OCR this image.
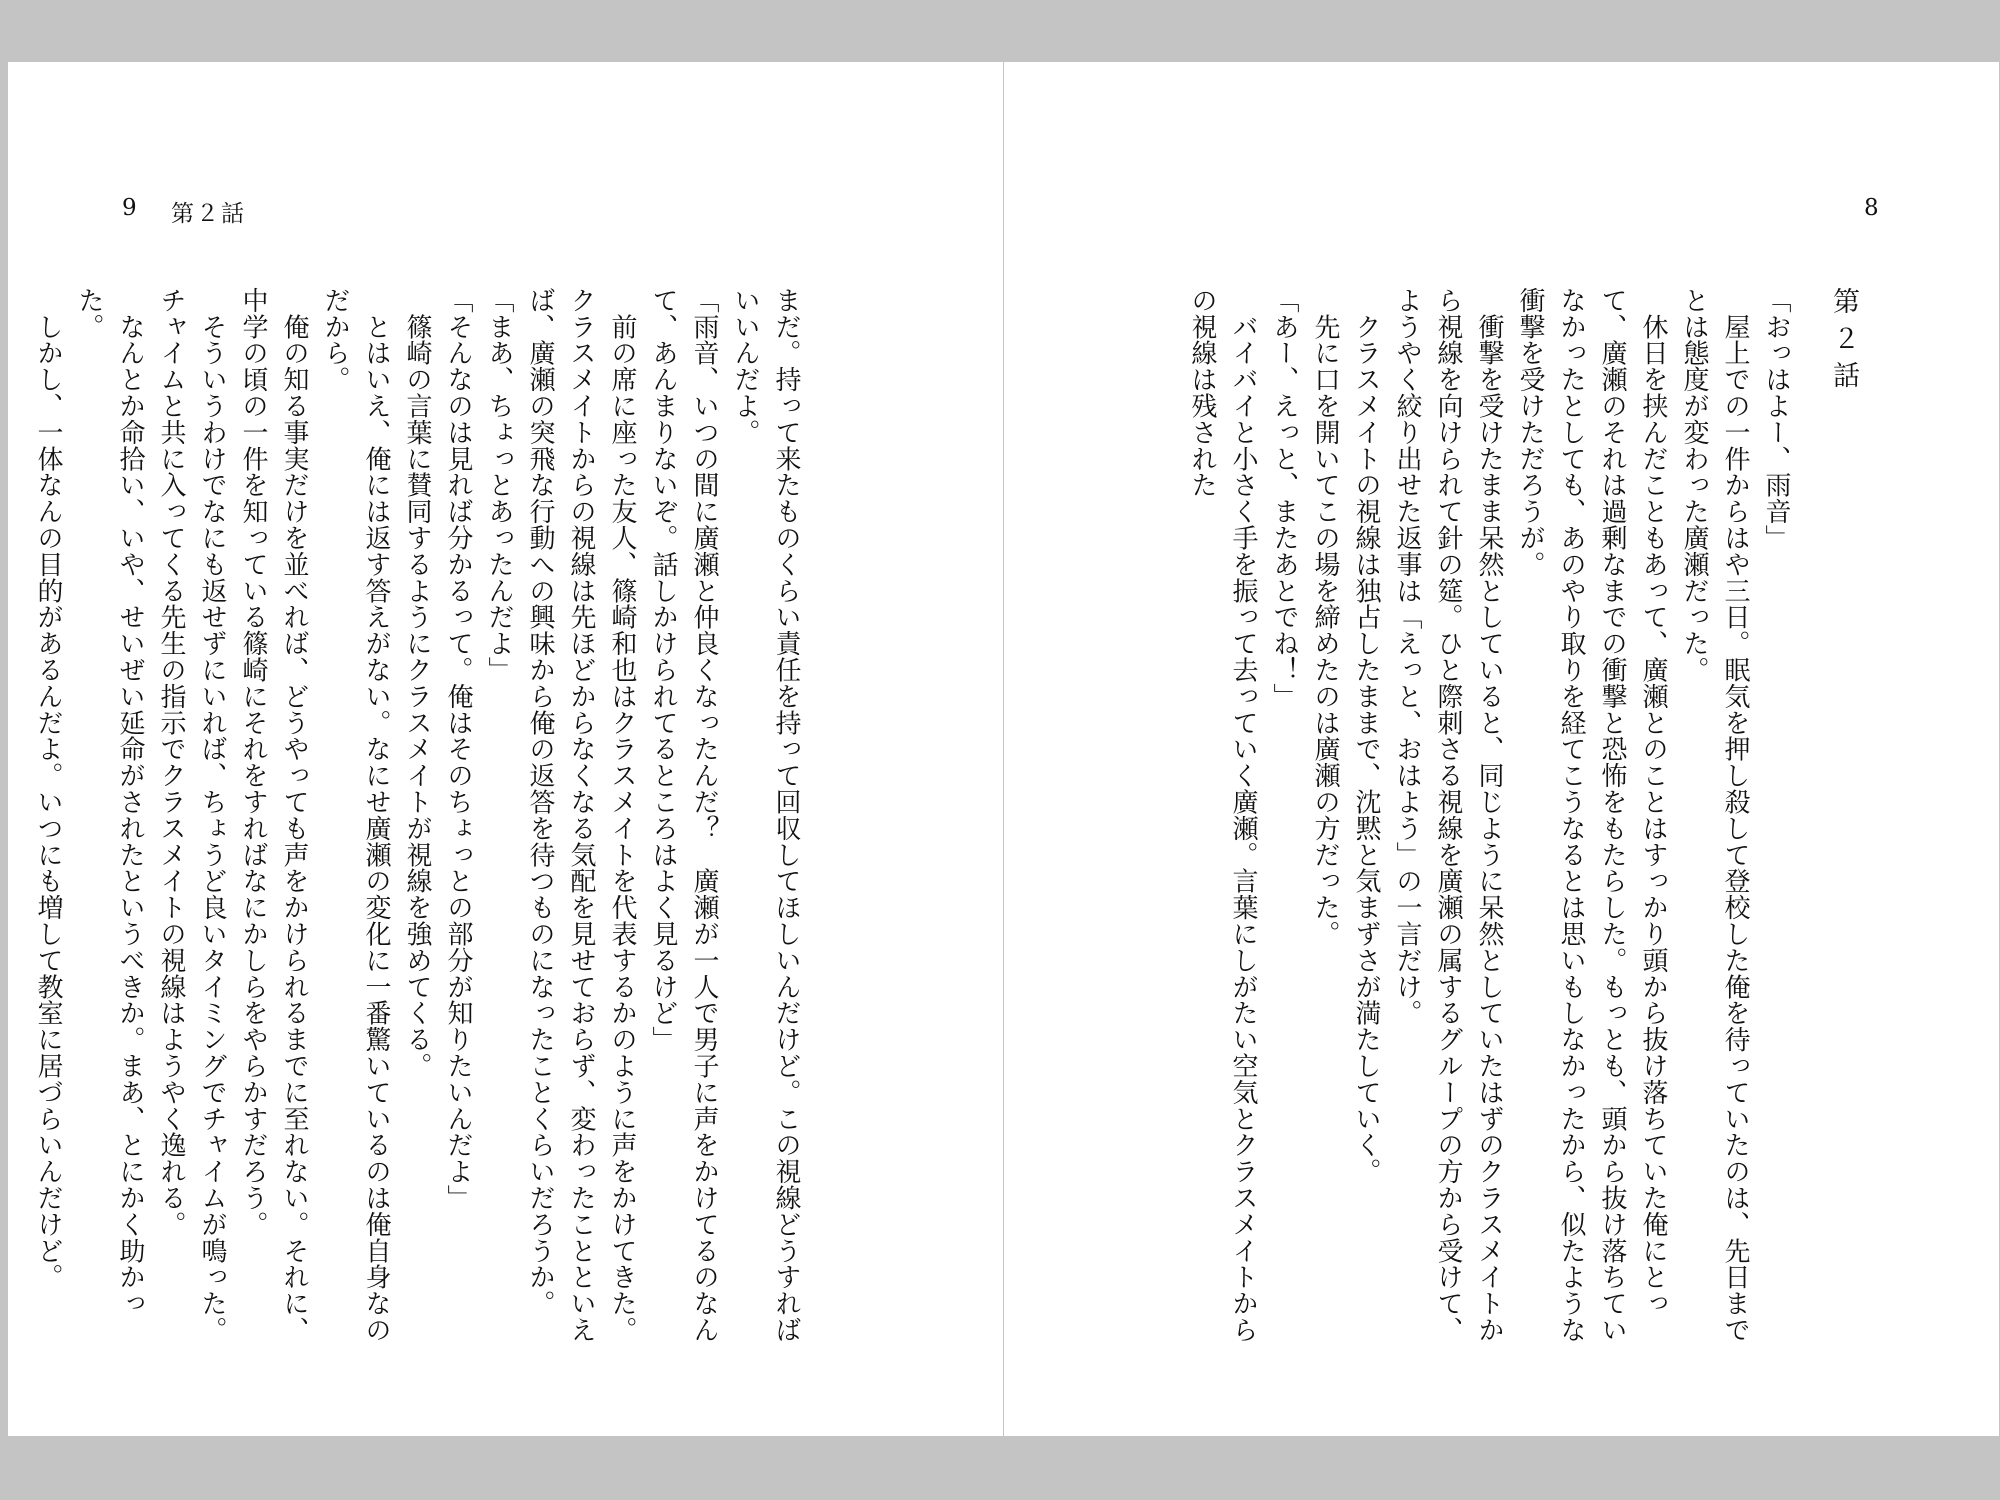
9 第２話

まだ。持って来たものくらい責任を持って回収してほしいんだけど。この視線どうすればいいんだよ。

「雨音、いつの間に廣瀬と仲良くなったんだ？　廣瀬が一人で男子に声をかけてるのなんて、あんまりないぞ。話しかけられてるところはよく見るけど」

　前の席に座った友人、篠崎和也はクラスメイトを代表するかのように声をかけてきた。クラスメイトからの視線は先ほどからなくなる気配を見せておらず、変わったことといえば、廣瀬の突飛な行動への興味から俺の返答を待つものになったことくらいだろうか。

「まあ、ちょっとあったんだよ」

「そんなのは見れば分かるって。俺はそのちょっとの部分が知りたいんだよ」

　篠崎の言葉に賛同するようにクラスメイトが視線を強めてくる。

　とはいえ、俺には返す答えがない。なにせ廣瀬の変化に一番驚いているのは俺自身なのだから。

　俺の知る事実だけを並べれば、どうやっても声をかけられるまでに至れない。それに、中学の頃の一件を知っている篠崎にそれをすればなにかしらをやらかすだろう。

　そういうわけでなにも返せずにいれば、ちょうど良いタイミングでチャイムが鳴った。チャイムと共に入ってくる先生の指示でクラスメイトの視線はようやく逸れる。

　なんとか命拾い、いや、せいぜい延命がされたというべきか。まあ、とにかく助かった。

　しかし、一体なんの目的があるんだよ。いつにも増して教室に居づらいんだけど。

8
第２話

「おっはよー、雨音」

　屋上での一件からはや三日。眠気を押し殺して登校した俺を待っていたのは、先日までとは態度が変わった廣瀬だった。

　休日を挟んだこともあって、廣瀬とのことはすっかり頭から抜け落ちていた俺にとって、廣瀬のそれは過剰なまでの衝撃と恐怖をもたらした。もっとも、頭から抜け落ちていなかったとしても、あのやり取りを経てこうなるとは思いもしなかったから、似たような衝撃を受けただろうが。

　衝撃を受けたまま呆然としていると、同じように呆然としていたはずのクラスメイトから視線を向けられて針の筵。ひと際刺さる視線を廣瀬の属するグループの方から受けて、ようやく絞り出せた返事は「えっと、おはよう」の一言だけ。

　クラスメイトの視線は独占したままで、沈黙と気まずさが満たしていく。

　先に口を開いてこの場を締めたのは廣瀬の方だった。

「あー、えっと、またあとでね！」

　バイバイと小さく手を振って去っていく廣瀬。言葉にしがたい空気とクラスメイトからの視線は残された
